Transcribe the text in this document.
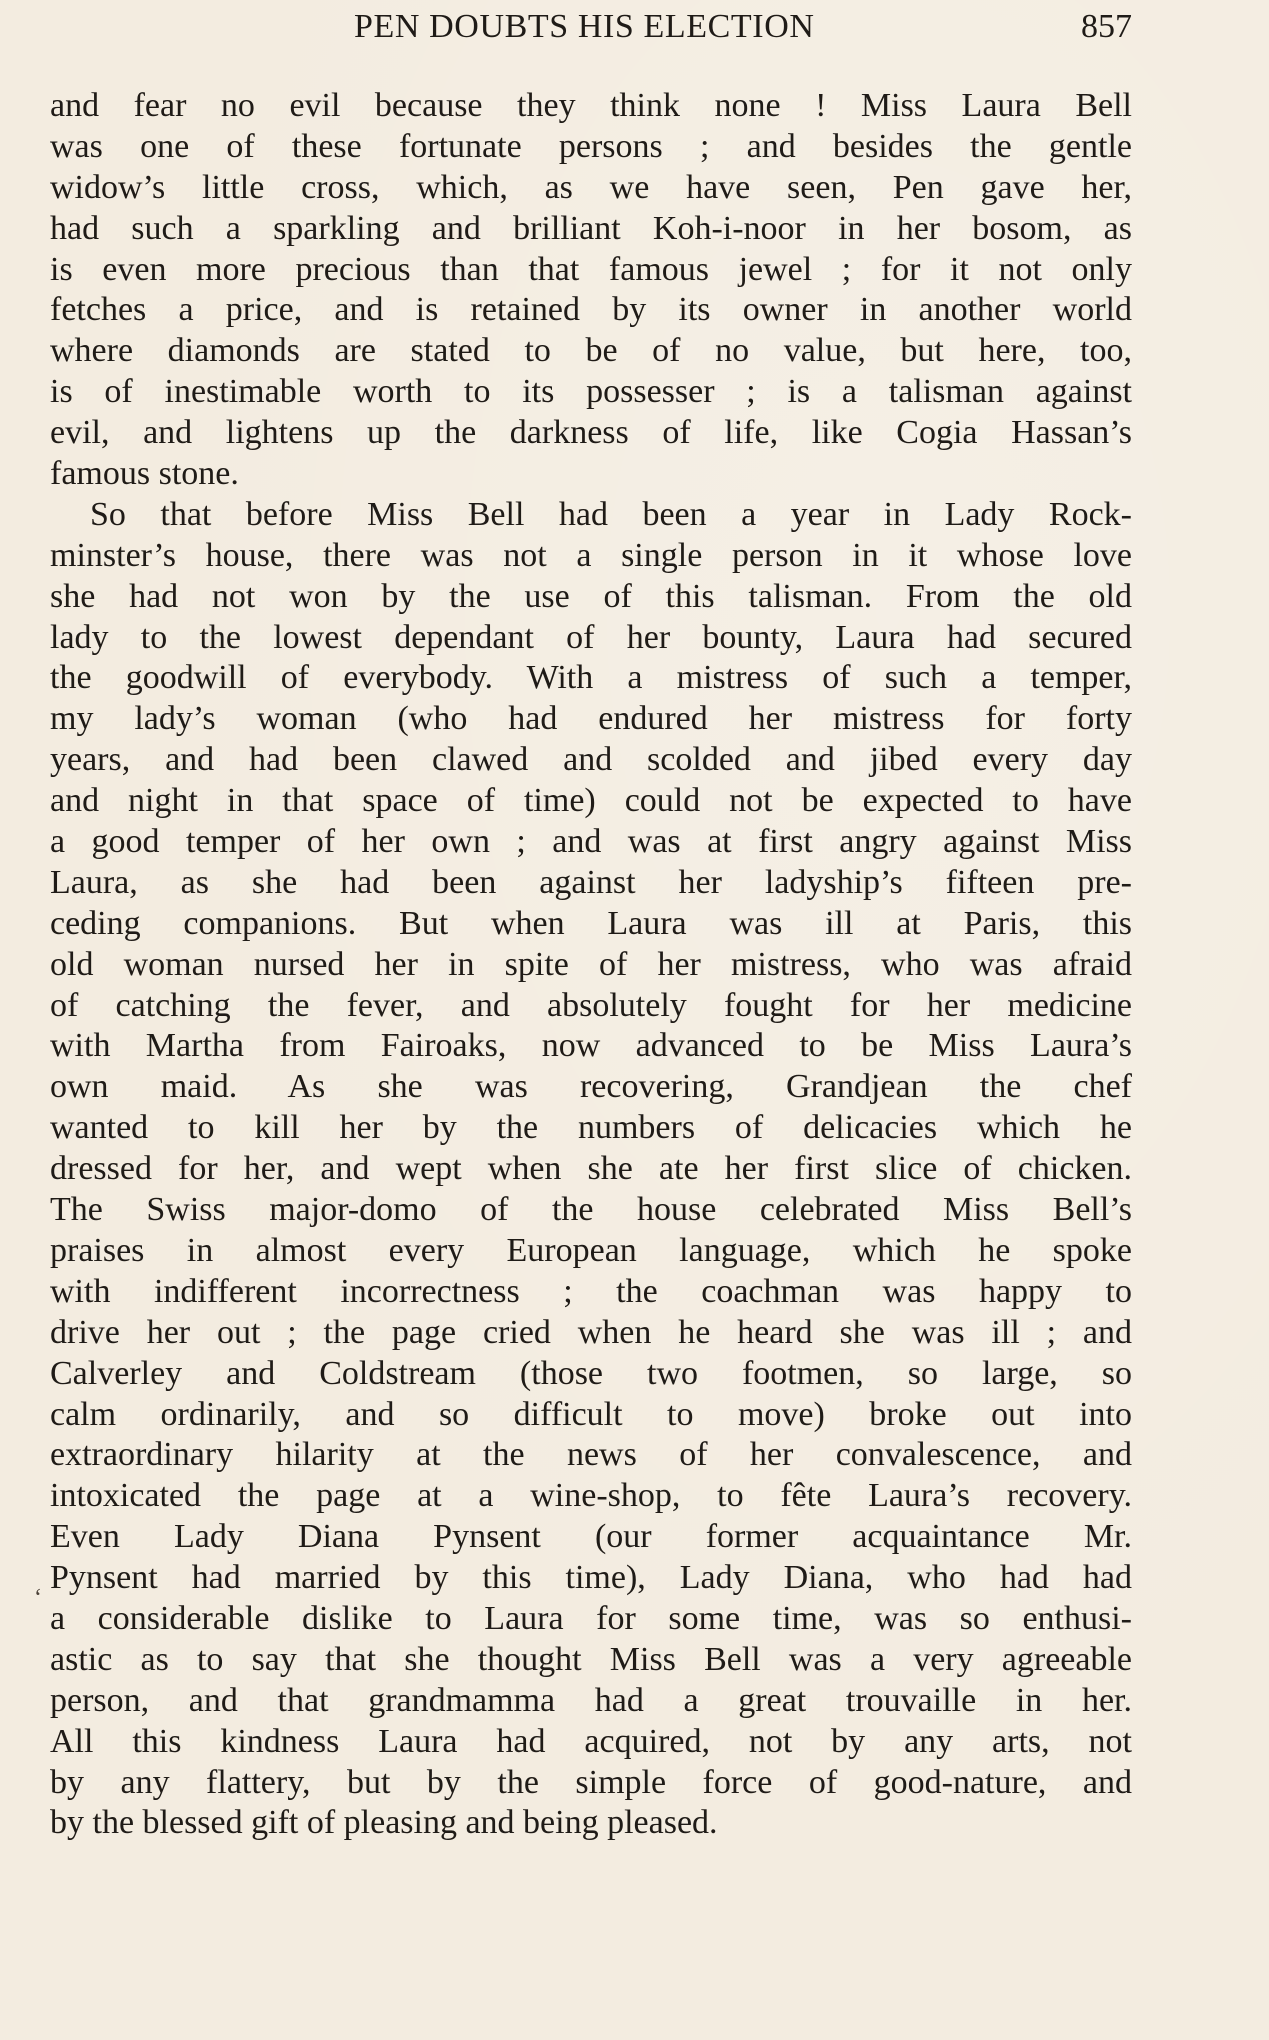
PEN DOUBTS HIS ELECTION	857
and fear no evil because they think none ! Miss Laura Bell
was one of these fortunate persons ; and besides the gentle
widow’s little cross, which, as we have seen, Pen gave her,
had such a sparkling and brilliant Koh-i-noor in her bosom, as
is even more precious than that famous jewel ; for it not only
fetches a price, and is retained by its owner in another world
where diamonds are stated to be of no value, but here, too,
is of inestimable worth to its possesser ; is a talisman against
evil, and lightens up the darkness of life, like Cogia Hassan’s
famous stone.
So that before Miss Bell had been a year in Lady Rock-
minster’s house, there was not a single person in it whose love
she had not won by the use of this talisman. From the old
lady to the lowest dependant of her bounty, Laura had secured
the goodwill of everybody. With a mistress of such a temper,
my lady’s woman (who had endured her mistress for forty
years, and had been clawed and scolded and jibed every day
and night in that space of time) could not be expected to have
a good temper of her own ; and was at first angry against Miss
Laura, as she had been against her ladyship’s fifteen pre-
ceding companions. But when Laura was ill at Paris, this
old woman nursed her in spite of her mistress, who was afraid
of catching the fever, and absolutely fought for her medicine
with Martha from Fairoaks, now advanced to be Miss Laura’s
own maid. As she was recovering, Grandjean the chef
wanted to kill her by the numbers of delicacies which he
dressed for her, and wept when she ate her first slice of chicken.
The Swiss major-domo of the house celebrated Miss Bell’s
praises in almost every European language, which he spoke
with indifferent incorrectness ; the coachman was happy to
drive her out ; the page cried when he heard she was ill ; and
Calverley and Coldstream (those two footmen, so large, so
calm ordinarily, and so difficult to move) broke out into
extraordinary hilarity at the news of her convalescence, and
intoxicated the page at a wine-shop, to fête Laura’s recovery.
Even Lady Diana Pynsent (our former acquaintance Mr.
Pynsent had married by this time), Lady Diana, who had had
a considerable dislike to Laura for some time, was so enthusi-
astic as to say that she thought Miss Bell was a very agreeable
person, and that grandmamma had a great trouvaille in her.
All this kindness Laura had acquired, not by any arts, not
by any flattery, but by the simple force of good-nature, and
by the blessed gift of pleasing and being pleased.
‘
